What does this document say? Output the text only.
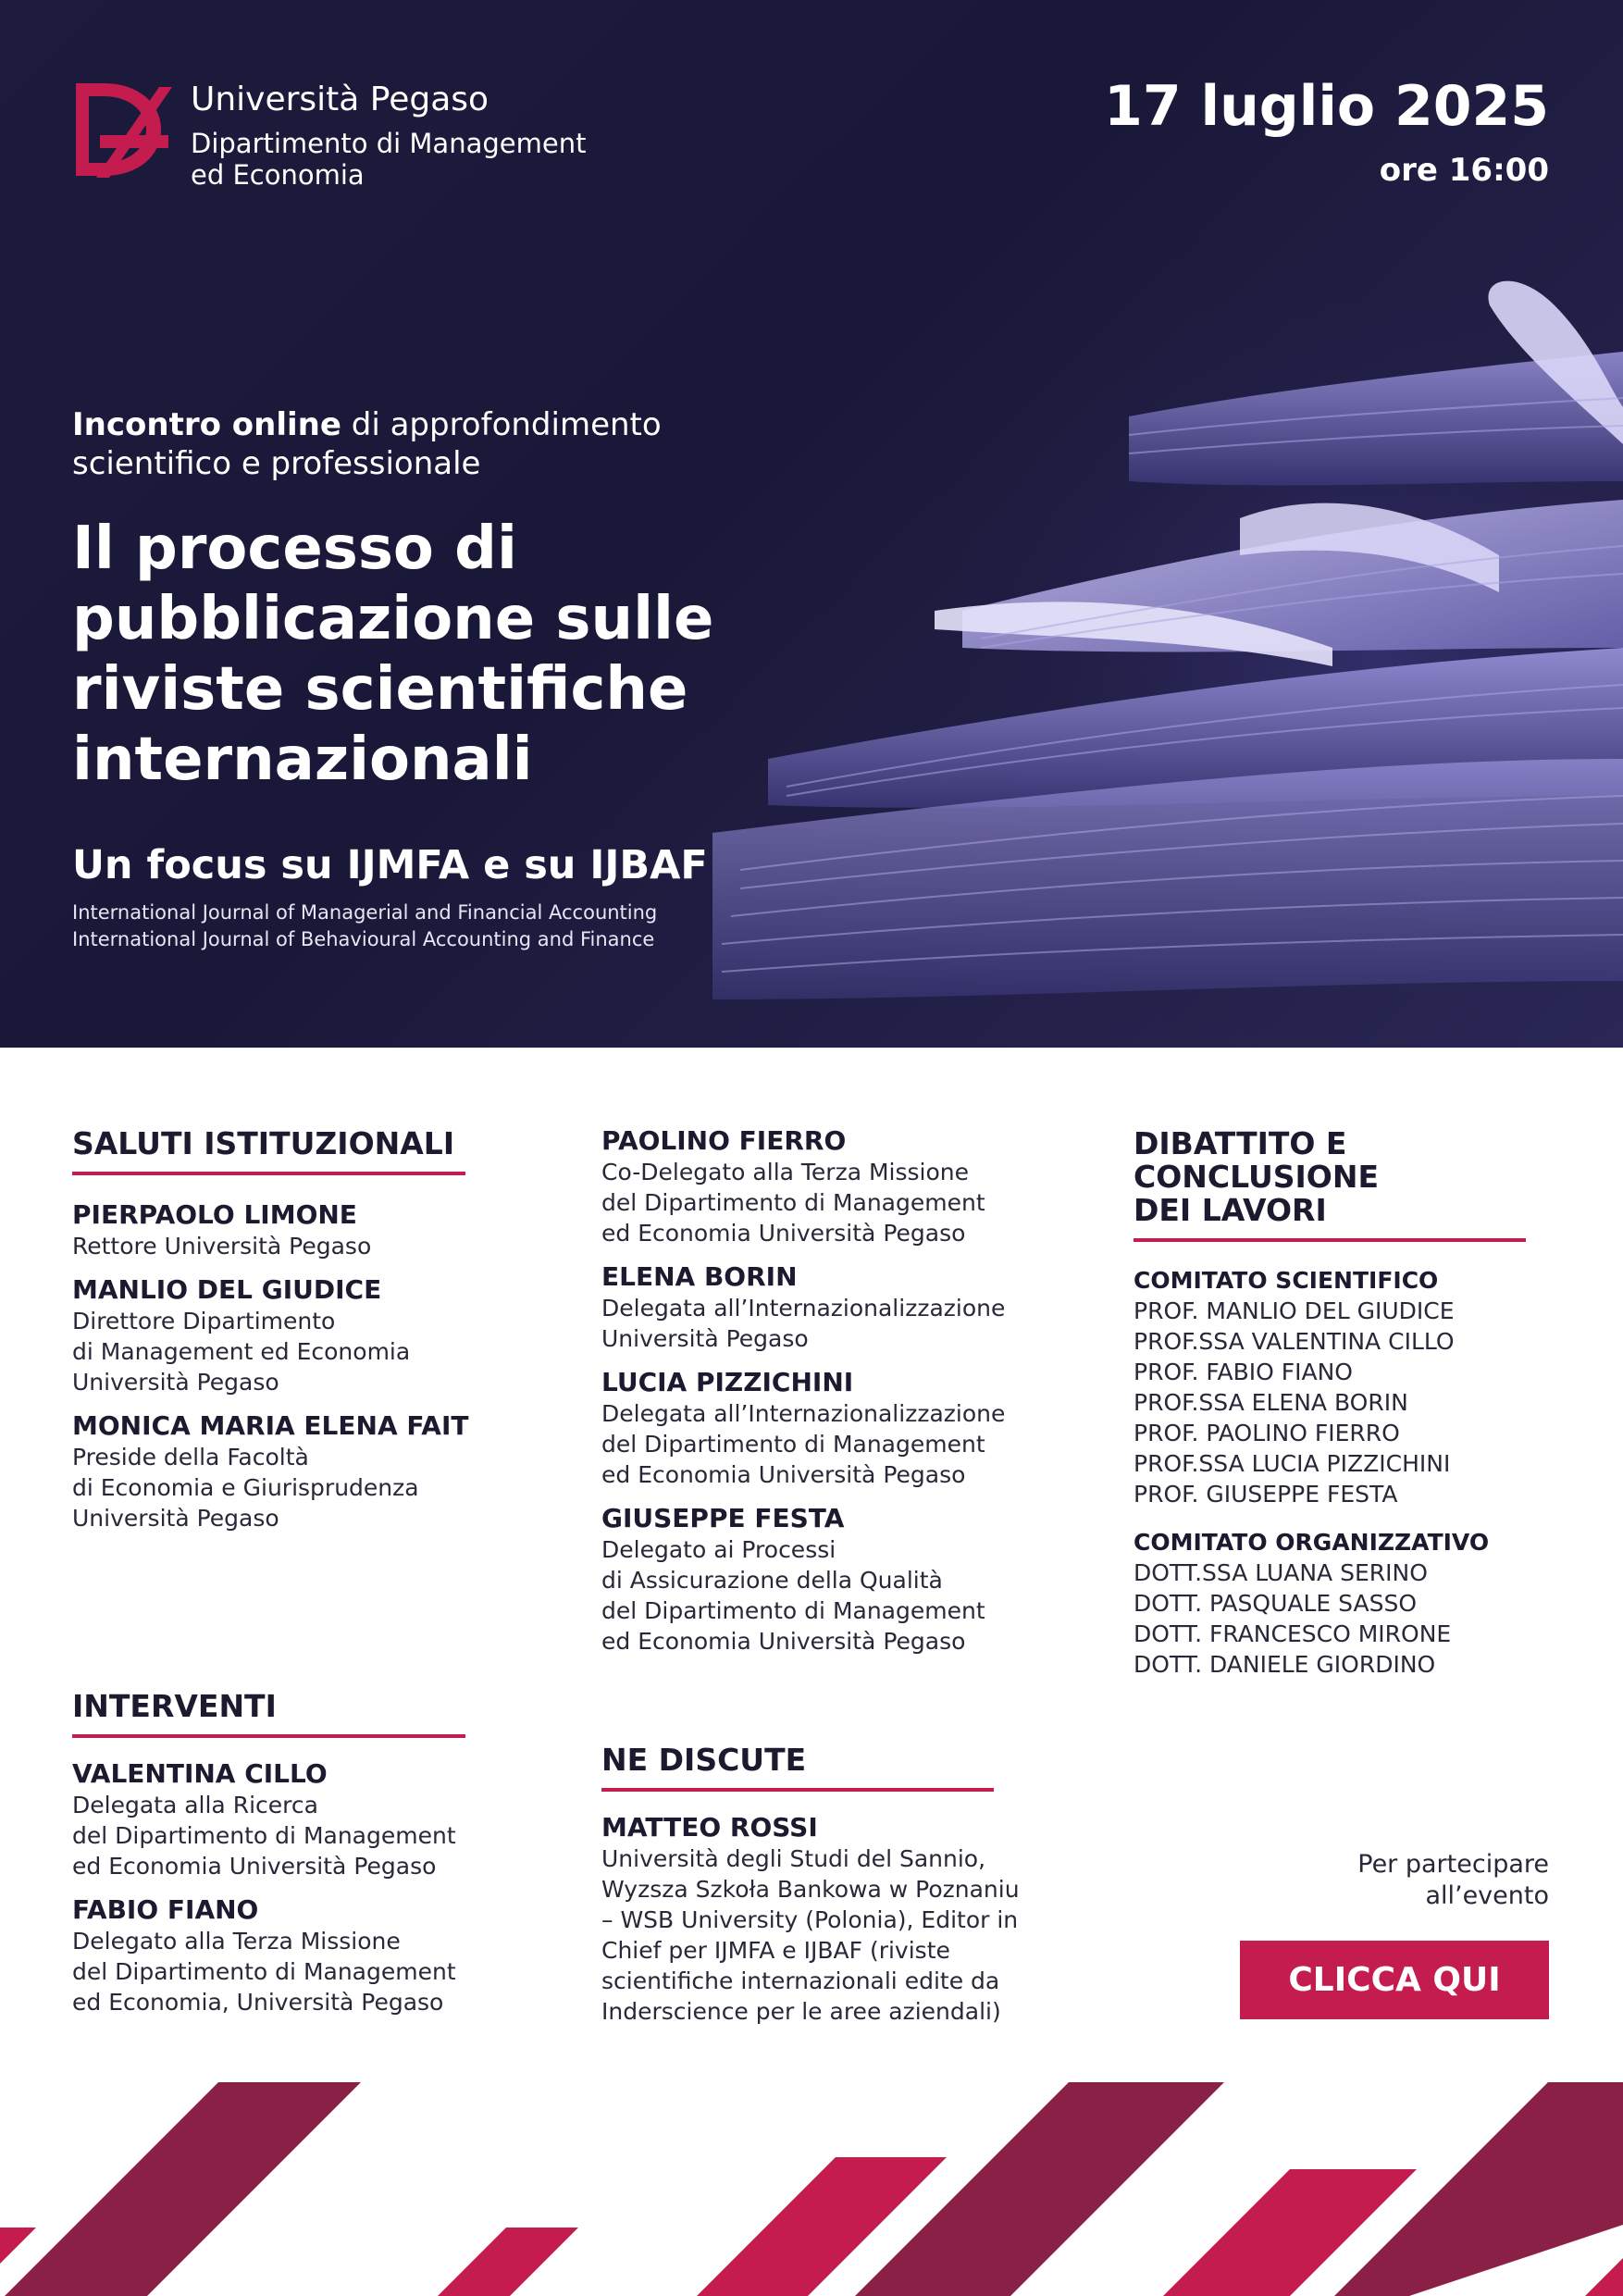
Università Pegaso
Dipartimento di Management ed Economia
17 luglio 2025
ore 16:00
Incontro online di approfondimento scientifico e professionale
Il processo di pubblicazione sulle riviste scientifiche internazionali
Un focus su IJMFA e su IJBAF
International Journal of Managerial and Financial Accounting
International Journal of Behavioural Accounting and Finance
SALUTI ISTITUZIONALI
PIERPAOLO LIMONE
Rettore Università Pegaso
MANLIO DEL GIUDICE
Direttore Dipartimento
di Management ed Economia
Università Pegaso
MONICA MARIA ELENA FAIT
Preside della Facoltà
di Economia e Giurisprudenza
Università Pegaso
INTERVENTI
VALENTINA CILLO
Delegata alla Ricerca
del Dipartimento di Management
ed Economia Università Pegaso
FABIO FIANO
Delegato alla Terza Missione
del Dipartimento di Management
ed Economia, Università Pegaso
PAOLINO FIERRO
Co-Delegato alla Terza Missione
del Dipartimento di Management
ed Economia Università Pegaso
ELENA BORIN
Delegata all’Internazionalizzazione
Università Pegaso
LUCIA PIZZICHINI
Delegata all’Internazionalizzazione
del Dipartimento di Management
ed Economia Università Pegaso
GIUSEPPE FESTA
Delegato ai Processi
di Assicurazione della Qualità
del Dipartimento di Management
ed Economia Università Pegaso
NE DISCUTE
MATTEO ROSSI
Università degli Studi del Sannio,
Wyzsza Szkoła Bankowa w Poznaniu
– WSB University (Polonia), Editor in
Chief per IJMFA e IJBAF (riviste
scientifiche internazionali edite da
Inderscience per le aree aziendali)
DIBATTITO E
CONCLUSIONE
DEI LAVORI
COMITATO SCIENTIFICO
PROF. MANLIO DEL GIUDICE
PROF.SSA VALENTINA CILLO
PROF. FABIO FIANO
PROF.SSA ELENA BORIN
PROF. PAOLINO FIERRO
PROF.SSA LUCIA PIZZICHINI
PROF. GIUSEPPE FESTA
COMITATO ORGANIZZATIVO
DOTT.SSA LUANA SERINO
DOTT. PASQUALE SASSO
DOTT. FRANCESCO MIRONE
DOTT. DANIELE GIORDINO
Per partecipare
all’evento
CLICCA QUI
